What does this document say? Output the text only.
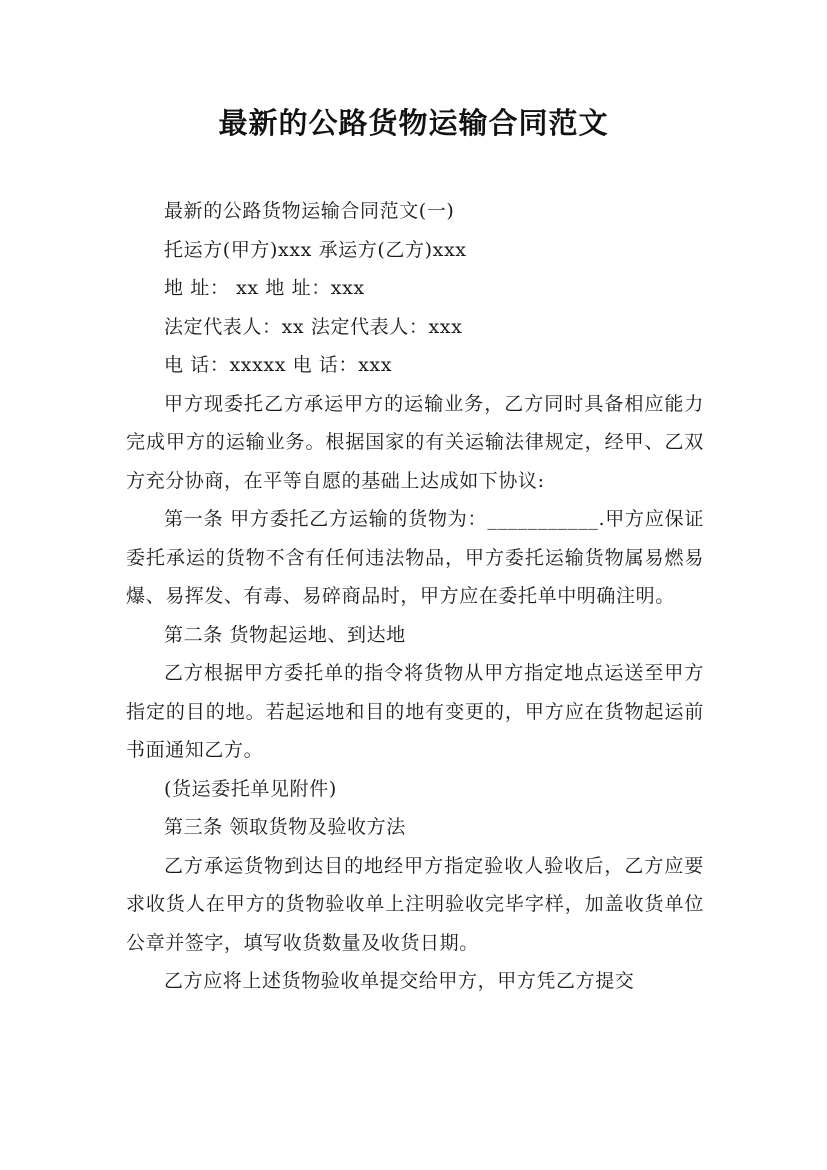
最新的公路货物运输合同范文

最新的公路货物运输合同范文(一)

托运方(甲方)xxx 承运方(乙方)xxx

地 址： xx 地 址：xxx

法定代表人：xx 法定代表人：xxx

电 话：xxxxx 电 话：xxx

甲方现委托乙方承运甲方的运输业务，乙方同时具备相应能力完成甲方的运输业务。根据国家的有关运输法律规定，经甲、乙双方充分协商，在平等自愿的基础上达成如下协议:

第一条 甲方委托乙方运输的货物为：___________.甲方应保证委托承运的货物不含有任何违法物品，甲方委托运输货物属易燃易爆、易挥发、有毒、易碎商品时，甲方应在委托单中明确注明。

第二条 货物起运地、到达地

乙方根据甲方委托单的指令将货物从甲方指定地点运送至甲方指定的目的地。若起运地和目的地有变更的，甲方应在货物起运前书面通知乙方。

(货运委托单见附件)

第三条 领取货物及验收方法

乙方承运货物到达目的地经甲方指定验收人验收后，乙方应要求收货人在甲方的货物验收单上注明验收完毕字样，加盖收货单位公章并签字，填写收货数量及收货日期。

乙方应将上述货物验收单提交给甲方，甲方凭乙方提交
